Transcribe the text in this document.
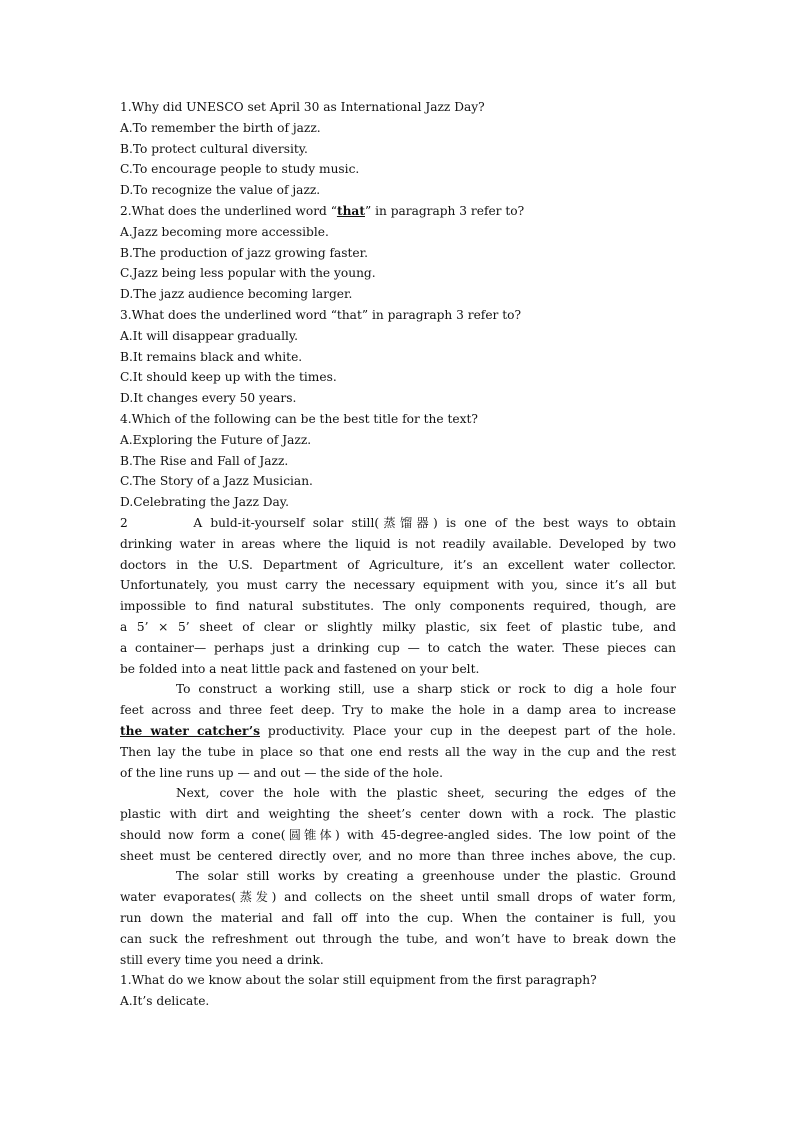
1.Why did UNESCO set April 30 as International Jazz Day?
A.To remember the birth of jazz.
B.To protect cultural diversity.
C.To encourage people to study music.
D.To recognize the value of jazz.
2.What does the underlined word “that” in paragraph 3 refer to?
A.Jazz becoming more accessible.
B.The production of jazz growing faster.
C.Jazz being less popular with the young.
D.The jazz audience becoming larger.
3.What does the underlined word “that” in paragraph 3 refer to?
A.It will disappear gradually.
B.It remains black and white.
C.It should keep up with the times.
D.It changes every 50 years.
4.Which of the following can be the best title for the text?
A.Exploring the Future of Jazz.
B.The Rise and Fall of Jazz.
C.The Story of a Jazz Musician.
D.Celebrating the Jazz Day.
2        A buld-it-yourself solar still(蒸馏器) is one of the best ways to obtain
drinking water in areas where the liquid is not readily available. Developed by two
doctors in the U.S. Department of Agriculture, it’s an excellent water collector.
Unfortunately, you must carry the necessary equipment with you, since it’s all but
impossible to find natural substitutes. The only components required, though, are
a 5’ × 5’ sheet of clear or slightly milky plastic, six feet of plastic tube, and
a container— perhaps just a drinking cup — to catch the water. These pieces can
be folded into a neat little pack and fastened on your belt.
To construct a working still, use a sharp stick or rock to dig a hole four
feet across and three feet deep. Try to make the hole in a damp area to increase
the water catcher’s productivity. Place your cup in the deepest part of the hole.
Then lay the tube in place so that one end rests all the way in the cup and the rest
of the line runs up — and out — the side of the hole.
Next, cover the hole with the plastic sheet, securing the edges of the
plastic with dirt and weighting the sheet’s center down with a rock. The plastic
should now form a cone(圆锥体) with 45-degree-angled sides. The low point of the
sheet must be centered directly over, and no more than three inches above, the cup.
The solar still works by creating a greenhouse under the plastic. Ground
water evaporates(蒸发) and collects on the sheet until small drops of water form,
run down the material and fall off into the cup. When the container is full, you
can suck the refreshment out through the tube, and won’t have to break down the
still every time you need a drink.
1.What do we know about the solar still equipment from the first paragraph?
A.It’s delicate.
